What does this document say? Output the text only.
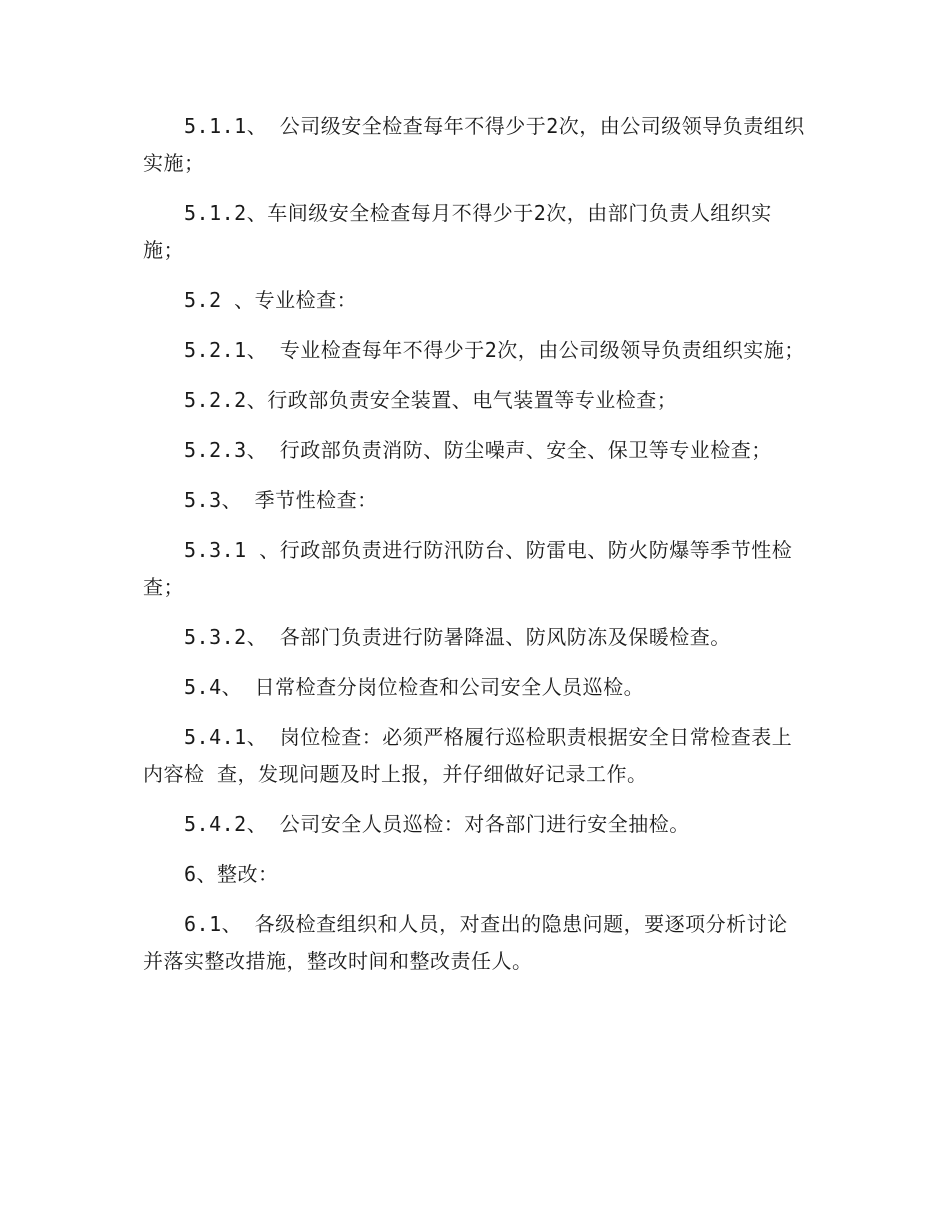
5.1.1、 公司级安全检查每年不得少于2次，由公司级领导负责组织实施；

5.1.2、车间级安全检查每月不得少于2次，由部门负责人组织实施；

5.2 、专业检查：

5.2.1、 专业检查每年不得少于2次，由公司级领导负责组织实施；

5.2.2、行政部负责安全装置、电气装置等专业检查；

5.2.3、 行政部负责消防、防尘噪声、安全、保卫等专业检查；

5.3、 季节性检查：

5.3.1 、行政部负责进行防汛防台、防雷电、防火防爆等季节性检查；

5.3.2、 各部门负责进行防暑降温、防风防冻及保暖检查。

5.4、 日常检查分岗位检查和公司安全人员巡检。

5.4.1、 岗位检查：必须严格履行巡检职责根据安全日常检查表上内容检 查，发现问题及时上报，并仔细做好记录工作。

5.4.2、 公司安全人员巡检：对各部门进行安全抽检。

6、整改：

6.1、 各级检查组织和人员，对查出的隐患问题，要逐项分析讨论并落实整改措施，整改时间和整改责任人。
